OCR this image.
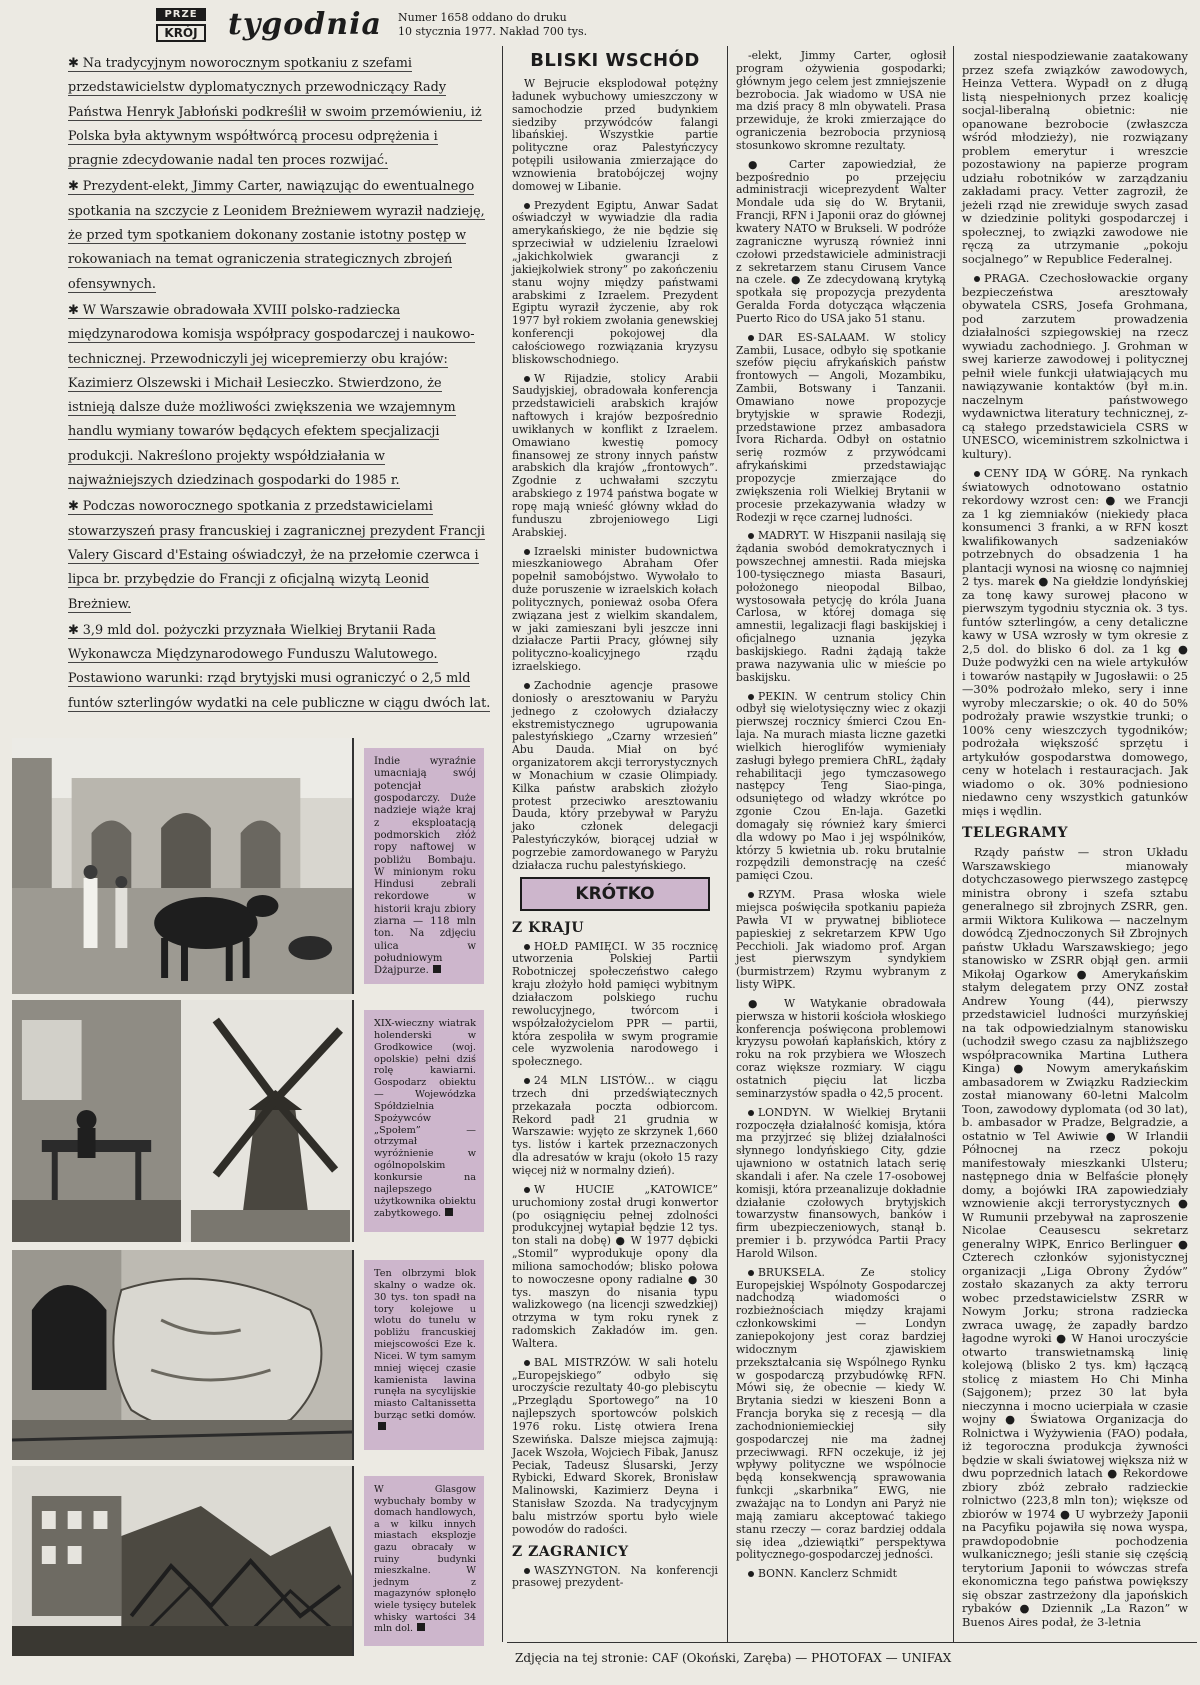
PRZE
KRÓJ tygodnia Numer 1658 oddano do druku
10 stycznia 1977. Nakład 700 tys.

✱ Na tradycyjnym noworocznym spotkaniu z szefami przedstawicielstw dyplomatycznych przewodniczący Rady Państwa Henryk Jabłoński podkreślił w swoim przemówieniu, iż Polska była aktywnym współtwórcą procesu odprężenia i pragnie zdecydowanie nadal ten proces rozwijać.

✱ Prezydent-elekt, Jimmy Carter, nawiązując do ewentualnego spotkania na szczycie z Leonidem Breżniewem wyraził nadzieję, że przed tym spotkaniem dokonany zostanie istotny postęp w rokowaniach na temat ograniczenia strategicznych zbrojeń ofensywnych.

✱ W Warszawie obradowała XVIII polsko-radziecka międzynarodowa komisja współpracy gospodarczej i naukowo-technicznej. Przewodniczyli jej wicepremierzy obu krajów: Kazimierz Olszewski i Michaił Lesieczko. Stwierdzono, że istnieją dalsze duże możliwości zwiększenia we wzajemnym handlu wymiany towarów będących efektem specjalizacji produkcji. Nakreślono projekty współdziałania w najważniejszych dziedzinach gospodarki do 1985 r.

✱ Podczas noworocznego spotkania z przedstawicielami stowarzyszeń prasy francuskiej i zagranicznej prezydent Francji Valery Giscard d'Estaing oświadczył, że na przełomie czerwca i lipca br. przybędzie do Francji z oficjalną wizytą Leonid Breżniew.

✱ 3,9 mld dol. pożyczki przyznała Wielkiej Brytanii Rada Wykonawcza Międzynarodowego Funduszu Walutowego. Postawiono warunki: rząd brytyjski musi ograniczyć o 2,5 mld funtów szterlingów wydatki na cele publiczne w ciągu dwóch lat.

Indie wyraźnie umacniają swój potencjał gospodarczy. Duże nadzieje wiąże kraj z eksploatacją podmorskich złóż ropy naftowej w pobliżu Bombaju. W minionym roku Hindusi zebrali rekordowe w historii kraju zbiory ziarna — 118 mln ton. Na zdjęciu ulica w południowym Dżajpurze.
XIX-wieczny wiatrak holenderski w Grodkowice (woj. opolskie) pełni dziś rolę kawiarni. Gospodarz obiektu — Wojewódzka Spółdzielnia Spożywców „Społem” — otrzymał wyróżnienie w ogólnopolskim konkursie na najlepszego użytkownika obiektu zabytkowego.
Ten olbrzymi blok skalny o wadze ok. 30 tys. ton spadł na tory kolejowe u wlotu do tunelu w pobliżu francuskiej miejscowości Eze k. Nicei. W tym samym mniej więcej czasie kamienista lawina runęła na sycylijskie miasto Caltanissetta burząc setki domów.
W Glasgow wybuchały bomby w domach handlowych, a w kilku innych miastach eksplozje gazu obracały w ruiny budynki mieszkalne. W jednym z magazynów spłonęło wiele tysięcy butelek whisky wartości 34 mln dol.
BLISKI WSCHÓD

W Bejrucie eksplodował potężny ładunek wybuchowy umieszczony w samochodzie przed budynkiem siedziby przywódców falangi libańskiej. Wszystkie partie polityczne oraz Palestyńczycy potępili usiłowania zmierzające do wznowienia bratobójczej wojny domowej w Libanie.

Prezydent Egiptu, Anwar Sadat oświadczył w wywiadzie dla radia amerykańskiego, że nie będzie się sprzeciwiał w udzieleniu Izraelowi „jakichkolwiek gwarancji z jakiejkolwiek strony” po zakończeniu stanu wojny między państwami arabskimi z Izraelem. Prezydent Egiptu wyraził życzenie, aby rok 1977 był rokiem zwołania genewskiej konferencji pokojowej dla całościowego rozwiązania kryzysu bliskowschodniego.

W Rijadzie, stolicy Arabii Saudyjskiej, obradowała konferencja przedstawicieli arabskich krajów naftowych i krajów bezpośrednio uwikłanych w konflikt z Izraelem. Omawiano kwestię pomocy finansowej ze strony innych państw arabskich dla krajów „frontowych”. Zgodnie z uchwałami szczytu arabskiego z 1974 państwa bogate w ropę mają wnieść główny wkład do funduszu zbrojeniowego Ligi Arabskiej.

Izraelski minister budownictwa mieszkaniowego Abraham Ofer popełnił samobójstwo. Wywołało to duże poruszenie w izraelskich kołach politycznych, ponieważ osoba Ofera związana jest z wielkim skandalem, w jaki zamieszani byli jeszcze inni działacze Partii Pracy, głównej siły polityczno-koalicyjnego rządu izraelskiego.

Zachodnie agencje prasowe doniosły o aresztowaniu w Paryżu jednego z czołowych działaczy ekstremistycznego ugrupowania palestyńskiego „Czarny wrzesień” Abu Dauda. Miał on być organizatorem akcji terrorystycznych w Monachium w czasie Olimpiady. Kilka państw arabskich złożyło protest przeciwko aresztowaniu Dauda, który przebywał w Paryżu jako członek delegacji Palestyńczyków, biorącej udział w pogrzebie zamordowanego w Paryżu działacza ruchu palestyńskiego.

KRÓTKO
Z KRAJU

HOŁD PAMIĘCI. W 35 rocznicę utworzenia Polskiej Partii Robotniczej społeczeństwo całego kraju złożyło hołd pamięci wybitnym działaczom polskiego ruchu rewolucyjnego, twórcom i współzałożycielom PPR — partii, która zespoliła w swym programie cele wyzwolenia narodowego i społecznego.

24 MLN LISTÓW... w ciągu trzech dni przedświątecznych przekazała poczta odbiorcom. Rekord padł 21 grudnia w Warszawie: wyjęto ze skrzynek 1,660 tys. listów i kartek przeznaczonych dla adresatów w kraju (około 15 razy więcej niż w normalny dzień).

W HUCIE „KATOWICE” uruchomiony został drugi konwertor (po osiągnięciu pełnej zdolności produkcyjnej wytapiał będzie 12 tys. ton stali na dobę) ● W 1977 dębicki „Stomil” wyprodukuje opony dla miliona samochodów; blisko połowa to nowoczesne opony radialne ● 30 tys. maszyn do nisania typu walizkowego (na licencji szwedzkiej) otrzyma w tym roku rynek z radomskich Zakładów im. gen. Waltera.

BAL MISTRZÓW. W sali hotelu „Europejskiego” odbyło się uroczyście rezultaty 40-go plebiscytu „Przeglądu Sportowego” na 10 najlepszych sportowców polskich 1976 roku. Listę otwiera Irena Szewińska. Dalsze miejsca zajmują: Jacek Wszoła, Wojciech Fibak, Janusz Peciak, Tadeusz Ślusarski, Jerzy Rybicki, Edward Skorek, Bronisław Malinowski, Kazimierz Deyna i Stanisław Szozda. Na tradycyjnym balu mistrzów sportu było wiele powodów do radości.

Z ZAGRANICY

WASZYNGTON. Na konferencji prasowej prezydent-

-elekt, Jimmy Carter, ogłosił program ożywienia gospodarki; głównym jego celem jest zmniejszenie bezrobocia. Jak wiadomo w USA nie ma dziś pracy 8 mln obywateli. Prasa przewiduje, że kroki zmierzające do ograniczenia bezrobocia przyniosą stosunkowo skromne rezultaty.

● Carter zapowiedział, że bezpośrednio po przejęciu administracji wiceprezydent Walter Mondale uda się do W. Brytanii, Francji, RFN i Japonii oraz do głównej kwatery NATO w Brukseli. W podróże zagraniczne wyruszą również inni czołowi przedstawiciele administracji z sekretarzem stanu Cirusem Vance na czele. ● Ze zdecydowaną krytyką spotkała się propozycja prezydenta Geralda Forda dotycząca włączenia Puerto Rico do USA jako 51 stanu.

DAR ES-SALAAM. W stolicy Zambii, Lusace, odbyło się spotkanie szefów pięciu afrykańskich państw frontowych — Angoli, Mozambiku, Zambii, Botswany i Tanzanii. Omawiano nowe propozycje brytyjskie w sprawie Rodezji, przedstawione przez ambasadora Ivora Richarda. Odbył on ostatnio serię rozmów z przywódcami afrykańskimi przedstawiając propozycje zmierzające do zwiększenia roli Wielkiej Brytanii w procesie przekazywania władzy w Rodezji w ręce czarnej ludności.

MADRYT. W Hiszpanii nasilają się żądania swobód demokratycznych i powszechnej amnestii. Rada miejska 100-tysięcznego miasta Basauri, położonego nieopodal Bilbao, wystosowała petycję do króla Juana Carlosa, w której domaga się amnestii, legalizacji flagi baskijskiej i oficjalnego uznania języka baskijskiego. Radni żądają także prawa nazywania ulic w mieście po baskijsku.

PEKIN. W centrum stolicy Chin odbył się wielotysięczny wiec z okazji pierwszej rocznicy śmierci Czou En-laja. Na murach miasta liczne gazetki wielkich hieroglifów wymieniały zasługi byłego premiera ChRL, żądały rehabilitacji jego tymczasowego następcy Teng Siao-pinga, odsuniętego od władzy wkrótce po zgonie Czou En-laja. Gazetki domagały się również kary śmierci dla wdowy po Mao i jej wspólników, którzy 5 kwietnia ub. roku brutalnie rozpędzili demonstrację na cześć pamięci Czou.

RZYM. Prasa włoska wiele miejsca poświęciła spotkaniu papieża Pawła VI w prywatnej bibliotece papieskiej z sekretarzem KPW Ugo Pecchioli. Jak wiadomo prof. Argan jest pierwszym syndykiem (burmistrzem) Rzymu wybranym z listy WłPK.

● W Watykanie obradowała pierwsza w historii kościoła włoskiego konferencja poświęcona problemowi kryzysu powołań kapłańskich, który z roku na rok przybiera we Włoszech coraz większe rozmiary. W ciągu ostatnich pięciu lat liczba seminarzystów spadła o 42,5 procent.

LONDYN. W Wielkiej Brytanii rozpoczęła działalność komisja, która ma przyjrzeć się bliżej działalności słynnego londyńskiego City, gdzie ujawniono w ostatnich latach serię skandali i afer. Na czele 17-osobowej komisji, która przeanalizuje dokładnie działanie czołowych brytyjskich towarzystw finansowych, banków i firm ubezpieczeniowych, stanął b. premier i b. przywódca Partii Pracy Harold Wilson.

BRUKSELA. Ze stolicy Europejskiej Wspólnoty Gospodarczej nadchodzą wiadomości o rozbieżnościach między krajami członkowskimi — Londyn zaniepokojony jest coraz bardziej widocznym zjawiskiem przekształcania się Wspólnego Rynku w gospodarczą przybudówkę RFN. Mówi się, że obecnie — kiedy W. Brytania siedzi w kieszeni Bonn a Francja boryka się z recesją — dla zachodnioniemieckiej siły gospodarczej nie ma żadnej przeciwwagi. RFN oczekuje, iż jej wpływy polityczne we wspólnocie będą konsekwencją sprawowania funkcji „skarbnika” EWG, nie zważając na to Londyn ani Paryż nie mają zamiaru akceptować takiego stanu rzeczy — coraz bardziej oddala się idea „dziewiątki” perspektywa politycznego-gospodarczej jedności.

BONN. Kanclerz Schmidt

zostal niespodziewanie zaatakowany przez szefa związków zawodowych, Heinza Vettera. Wypadł on z długą listą niespełnionych przez koalicję socjal-liberalną obietnic: nie opanowane bezrobocie (zwłaszcza wśród młodzieży), nie rozwiązany problem emerytur i wreszcie pozostawiony na papierze program udziału robotników w zarządzaniu zakładami pracy. Vetter zagroził, że jeżeli rząd nie zrewiduje swych zasad w dziedzinie polityki gospodarczej i społecznej, to związki zawodowe nie ręczą za utrzymanie „pokoju socjalnego” w Republice Federalnej.

PRAGA. Czechosłowackie organy bezpieczeństwa aresztowały obywatela CSRS, Josefa Grohmana, pod zarzutem prowadzenia działalności szpiegowskiej na rzecz wywiadu zachodniego. J. Grohman w swej karierze zawodowej i politycznej pełnił wiele funkcji ułatwiających mu nawiązywanie kontaktów (był m.in. naczelnym państwowego wydawnictwa literatury technicznej, z-cą stałego przedstawiciela CSRS w UNESCO, wiceministrem szkolnictwa i kultury).

CENY IDĄ W GÓRĘ. Na rynkach światowych odnotowano ostatnio rekordowy wzrost cen: ● we Francji za 1 kg ziemniaków (niekiedy płaca konsumenci 3 franki, a w RFN koszt kwalifikowanych sadzeniaków potrzebnych do obsadzenia 1 ha plantacji wynosi na wiosnę co najmniej 2 tys. marek ● Na giełdzie londyńskiej za tonę kawy surowej płacono w pierwszym tygodniu stycznia ok. 3 tys. funtów szterlingów, a ceny detaliczne kawy w USA wzrosły w tym okresie z 2,5 dol. do blisko 6 dol. za 1 kg ● Duże podwyżki cen na wiele artykułów i towarów nastąpiły w Jugosławii: o 25—30% podrożało mleko, sery i inne wyroby mleczarskie; o ok. 40 do 50% podrożały prawie wszystkie trunki; o 100% ceny wieszczych tygodników; podrożała większość sprzętu i artykułów gospodarstwa domowego, ceny w hotelach i restauracjach. Jak wiadomo o ok. 30% podniesiono niedawno ceny wszystkich gatunków mięs i wędlin.

TELEGRAMY

Rządy państw — stron Układu Warszawskiego mianowały dotychczasowego pierwszego zastępcę ministra obrony i szefa sztabu generalnego sił zbrojnych ZSRR, gen. armii Wiktora Kulikowa — naczelnym dowódcą Zjednoczonych Sił Zbrojnych państw Układu Warszawskiego; jego stanowisko w ZSRR objął gen. armii Mikołaj Ogarkow ● Amerykańskim stałym delegatem przy ONZ został Andrew Young (44), pierwszy przedstawiciel ludności murzyńskiej na tak odpowiedzialnym stanowisku (uchodził swego czasu za najbliższego współpracownika Martina Luthera Kinga) ● Nowym amerykańskim ambasadorem w Związku Radzieckim został mianowany 60-letni Malcolm Toon, zawodowy dyplomata (od 30 lat), b. ambasador w Pradze, Belgradzie, a ostatnio w Tel Awiwie ● W Irlandii Północnej na rzecz pokoju manifestowały mieszkanki Ulsteru; następnego dnia w Belfaście płonęły domy, a bojówki IRA zapowiedziały wznowienie akcji terrorystycznych ● W Rumunii przebywał na zaproszenie Nicolae Ceausescu sekretarz generalny WłPK, Enrico Berlinguer ● Czterech członków syjonistycznej organizacji „Liga Obrony Żydów” zostało skazanych za akty terroru wobec przedstawicielstw ZSRR w Nowym Jorku; strona radziecka zwraca uwagę, że zapadły bardzo łagodne wyroki ● W Hanoi uroczyście otwarto transwietnamską linię kolejową (blisko 2 tys. km) łączącą stolicę z miastem Ho Chi Minha (Sajgonem); przez 30 lat była nieczynna i mocno ucierpiała w czasie wojny ● Światowa Organizacja do Rolnictwa i Wyżywienia (FAO) podała, iż tegoroczna produkcja żywności będzie w skali światowej większa niż w dwu poprzednich latach ● Rekordowe zbiory zbóż zebrało radzieckie rolnictwo (223,8 mln ton); większe od zbiorów w 1974 ● U wybrzeży Japonii na Pacyfiku pojawiła się nowa wyspa, prawdopodobnie pochodzenia wulkanicznego; jeśli stanie się częścią terytorium Japonii to wówczas strefa ekonomiczna tego państwa powiększy się obszar zastrzeżony dla japońskich rybaków ● Dziennik „La Razon” w Buenos Aires podał, że 3-letnia

Zdjęcia na tej stronie: CAF (Okoński, Zaręba) — PHOTOFAX — UNIFAX
